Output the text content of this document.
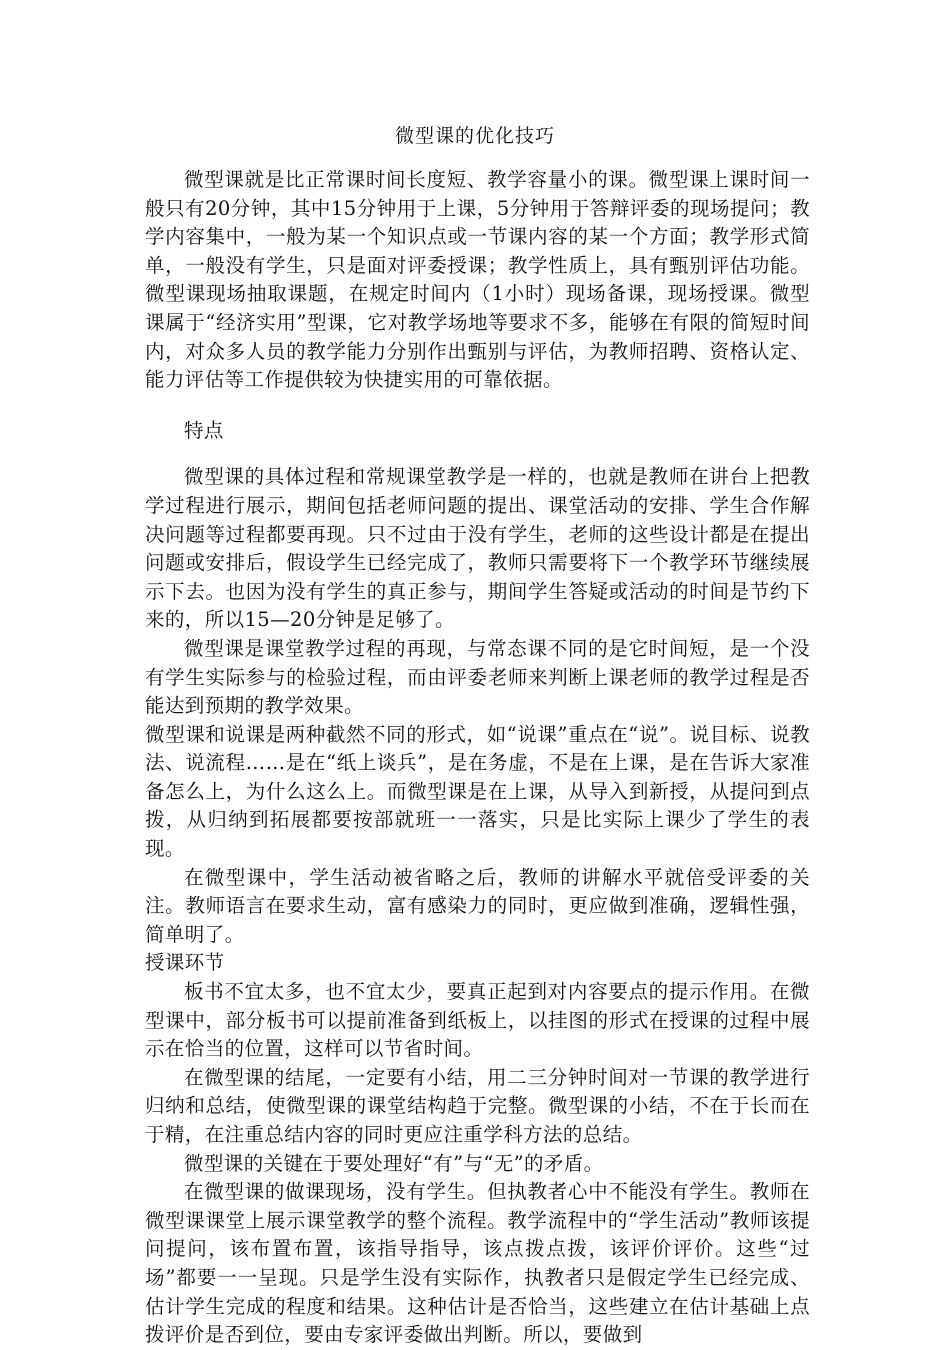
微型课的优化技巧

微型课就是比正常课时间长度短、教学容量小的课。微型课上课时间一般只有20分钟，其中15分钟用于上课，5分钟用于答辩评委的现场提问；教学内容集中，一般为某一个知识点或一节课内容的某一个方面；教学形式简单，一般没有学生，只是面对评委授课；教学性质上，具有甄别评估功能。微型课现场抽取课题，在规定时间内（1小时）现场备课，现场授课。微型课属于“经济实用”型课，它对教学场地等要求不多，能够在有限的简短时间内，对众多人员的教学能力分别作出甄别与评估，为教师招聘、资格认定、能力评估等工作提供较为快捷实用的可靠依据。

特点

微型课的具体过程和常规课堂教学是一样的，也就是教师在讲台上把教学过程进行展示，期间包括老师问题的提出、课堂活动的安排、学生合作解决问题等过程都要再现。只不过由于没有学生，老师的这些设计都是在提出问题或安排后，假设学生已经完成了，教师只需要将下一个教学环节继续展示下去。也因为没有学生的真正参与，期间学生答疑或活动的时间是节约下来的，所以15—20分钟是足够了。

微型课是课堂教学过程的再现，与常态课不同的是它时间短，是一个没有学生实际参与的检验过程，而由评委老师来判断上课老师的教学过程是否能达到预期的教学效果。

微型课和说课是两种截然不同的形式，如“说课”重点在“说”。说目标、说教法、说流程……是在“纸上谈兵”，是在务虚，不是在上课，是在告诉大家准备怎么上，为什么这么上。而微型课是在上课，从导入到新授，从提问到点拨，从归纳到拓展都要按部就班一一落实，只是比实际上课少了学生的表现。

在微型课中，学生活动被省略之后，教师的讲解水平就倍受评委的关注。教师语言在要求生动，富有感染力的同时，更应做到准确，逻辑性强，简单明了。

授课环节

板书不宜太多，也不宜太少，要真正起到对内容要点的提示作用。在微型课中，部分板书可以提前准备到纸板上，以挂图的形式在授课的过程中展示在恰当的位置，这样可以节省时间。

在微型课的结尾，一定要有小结，用二三分钟时间对一节课的教学进行归纳和总结，使微型课的课堂结构趋于完整。微型课的小结，不在于长而在于精，在注重总结内容的同时更应注重学科方法的总结。

微型课的关键在于要处理好“有”与“无”的矛盾。

在微型课的做课现场，没有学生。但执教者心中不能没有学生。教师在微型课课堂上展示课堂教学的整个流程。教学流程中的“学生活动”教师该提问提问，该布置布置，该指导指导，该点拨点拨，该评价评价。这些“过场”都要一一呈现。只是学生没有实际作，执教者只是假定学生已经完成、估计学生完成的程度和结果。这种估计是否恰当，这些建立在估计基础上点拨评价是否到位，要由专家评委做出判断。所以，要做到
